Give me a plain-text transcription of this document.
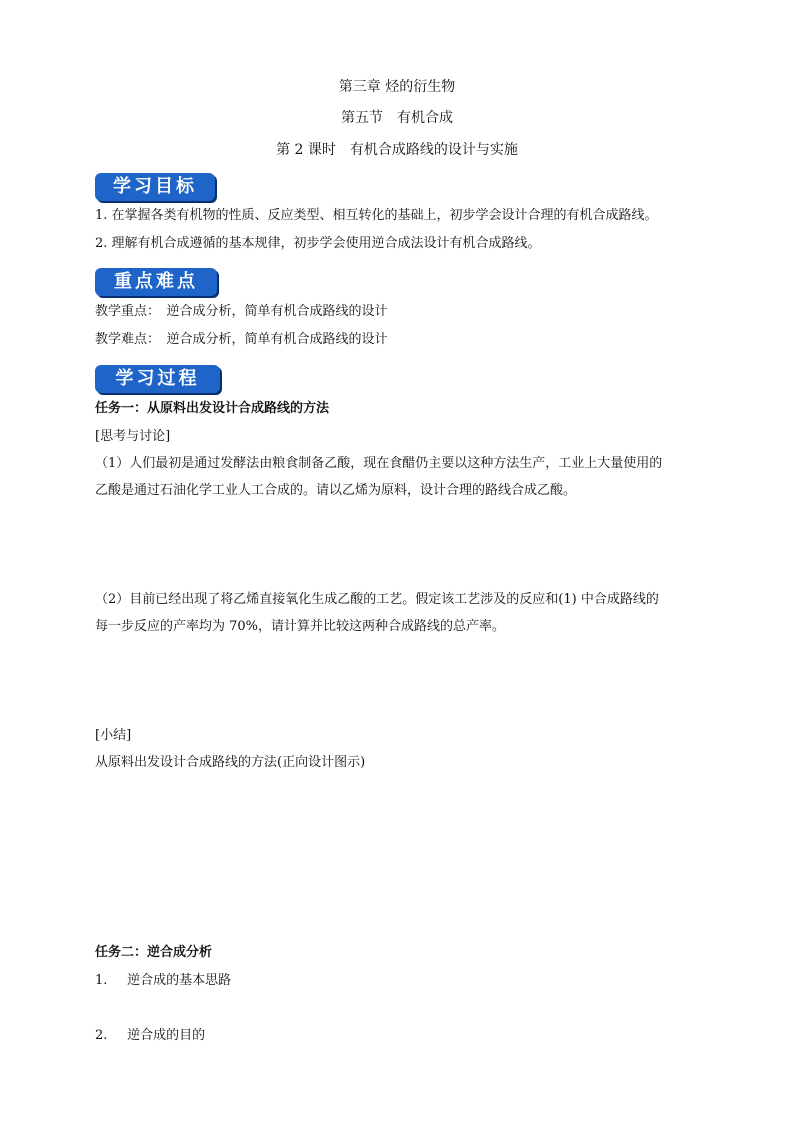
第三章 烃的衍生物
第五节　有机合成
第 2 课时　有机合成路线的设计与实施
学习目标
1. 在掌握各类有机物的性质、反应类型、相互转化的基础上，初步学会设计合理的有机合成路线。
2. 理解有机合成遵循的基本规律，初步学会使用逆合成法设计有机合成路线。
重点难点
教学重点：　逆合成分析，简单有机合成路线的设计
教学难点：　逆合成分析，简单有机合成路线的设计
学习过程
任务一：从原料出发设计合成路线的方法
[思考与讨论]
（1）人们最初是通过发酵法由粮食制备乙酸，现在食醋仍主要以这种方法生产，工业上大量使用的
乙酸是通过石油化学工业人工合成的。请以乙烯为原料，设计合理的路线合成乙酸。
（2）目前已经出现了将乙烯直接氧化生成乙酸的工艺。假定该工艺涉及的反应和(1) 中合成路线的
每一步反应的产率均为 70%，请计算并比较这两种合成路线的总产率。
[小结]
从原料出发设计合成路线的方法(正向设计图示)
任务二：逆合成分析
1. 逆合成的基本思路
2. 逆合成的目的
